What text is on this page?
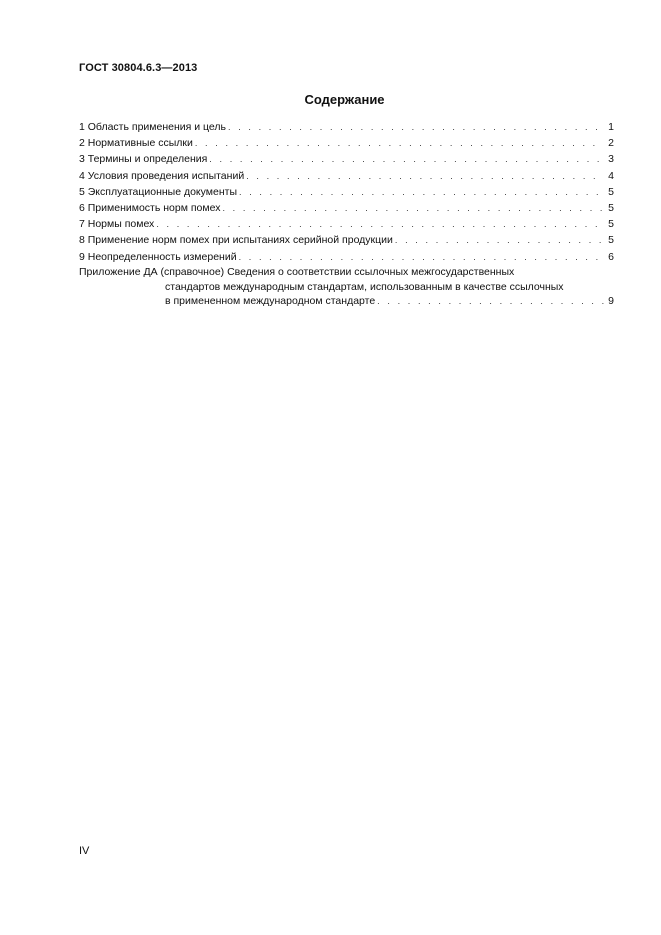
ГОСТ 30804.6.3—2013
Содержание
1 Область применения и цель . . .	1
2 Нормативные ссылки . . .	2
3 Термины и определения . . .	3
4 Условия проведения испытаний . . .	4
5 Эксплуатационные документы . . .	5
6 Применимость норм помех . . .	5
7 Нормы помех . . .	5
8 Применение норм помех при испытаниях серийной продукции . . .	5
9 Неопределенность измерений . . .	6
Приложение ДА (справочное) Сведения о соответствии ссылочных межгосударственных
стандартов международным стандартам, использованным в качестве ссылочных
в примененном международном стандарте . . .	9
IV
